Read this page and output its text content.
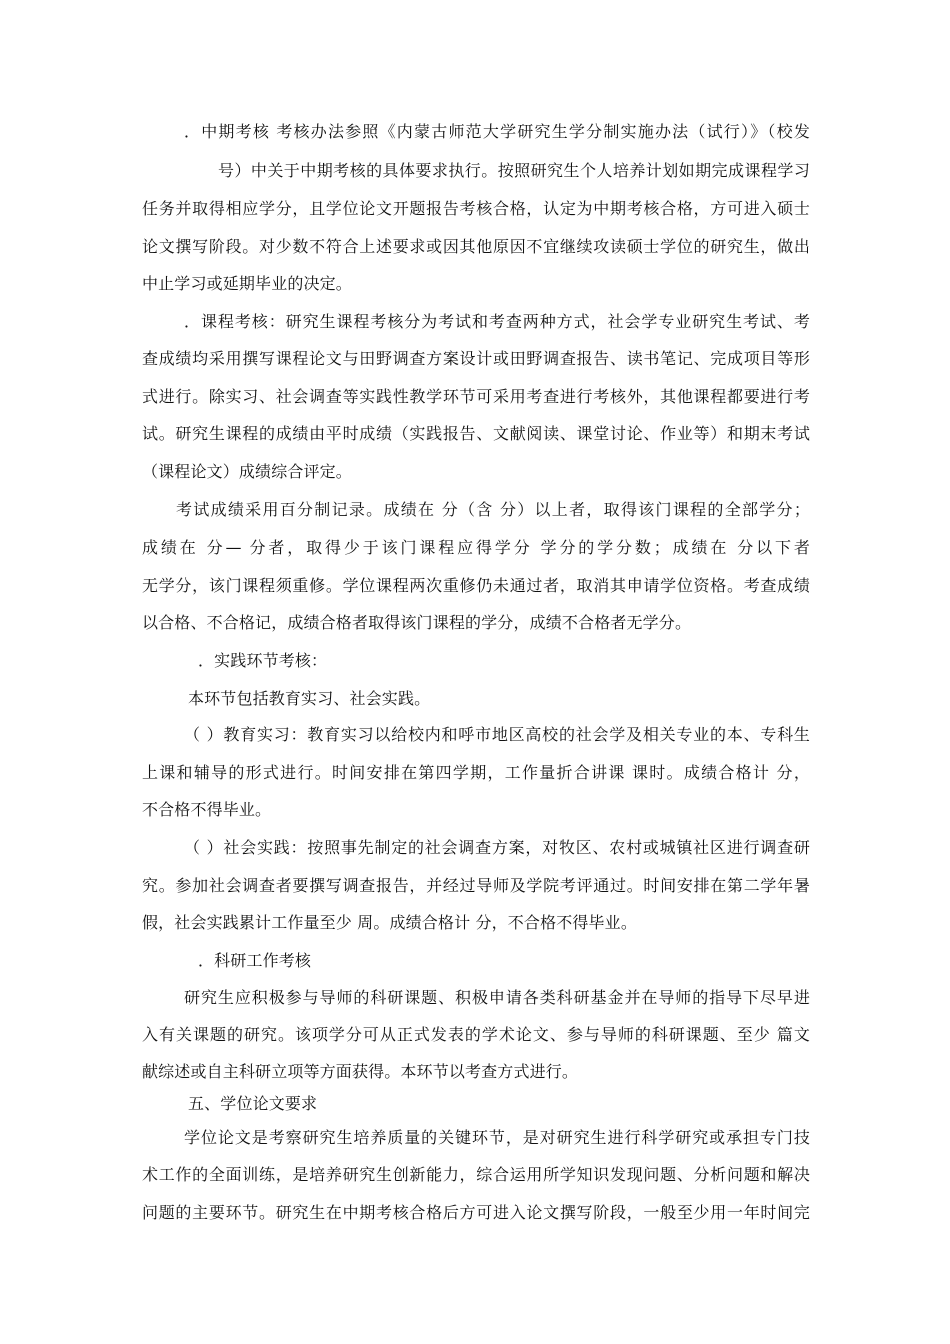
．中期考核 考核办法参照《内蒙古师范大学研究生学分制实施办法（试行）》（校发
号）中关于中期考核的具体要求执行。按照研究生个人培养计划如期完成课程学习
任务并取得相应学分，且学位论文开题报告考核合格，认定为中期考核合格，方可进入硕士
论文撰写阶段。对少数不符合上述要求或因其他原因不宜继续攻读硕士学位的研究生，做出
中止学习或延期毕业的决定。
．课程考核：研究生课程考核分为考试和考查两种方式，社会学专业研究生考试、考
查成绩均采用撰写课程论文与田野调查方案设计或田野调查报告、读书笔记、完成项目等形
式进行。除实习、社会调查等实践性教学环节可采用考查进行考核外，其他课程都要进行考
试。研究生课程的成绩由平时成绩（实践报告、文献阅读、课堂讨论、作业等）和期末考试
（课程论文）成绩综合评定。
考试成绩采用百分制记录。成绩在 分（含 分）以上者，取得该门课程的全部学分；
成绩在 分— 分者，取得少于该门课程应得学分 学分的学分数；成绩在 分以下者
无学分，该门课程须重修。学位课程两次重修仍未通过者，取消其申请学位资格。考查成绩
以合格、不合格记，成绩合格者取得该门课程的学分，成绩不合格者无学分。
．实践环节考核：
本环节包括教育实习、社会实践。
（ ）教育实习：教育实习以给校内和呼市地区高校的社会学及相关专业的本、专科生
上课和辅导的形式进行。时间安排在第四学期，工作量折合讲课 课时。成绩合格计 分，
不合格不得毕业。
（ ）社会实践：按照事先制定的社会调查方案，对牧区、农村或城镇社区进行调查研
究。参加社会调查者要撰写调查报告，并经过导师及学院考评通过。时间安排在第二学年暑
假，社会实践累计工作量至少 周。成绩合格计 分，不合格不得毕业。
．科研工作考核
研究生应积极参与导师的科研课题、积极申请各类科研基金并在导师的指导下尽早进
入有关课题的研究。该项学分可从正式发表的学术论文、参与导师的科研课题、至少 篇文
献综述或自主科研立项等方面获得。本环节以考查方式进行。
五、学位论文要求
学位论文是考察研究生培养质量的关键环节，是对研究生进行科学研究或承担专门技
术工作的全面训练，是培养研究生创新能力，综合运用所学知识发现问题、分析问题和解决
问题的主要环节。研究生在中期考核合格后方可进入论文撰写阶段，一般至少用一年时间完
